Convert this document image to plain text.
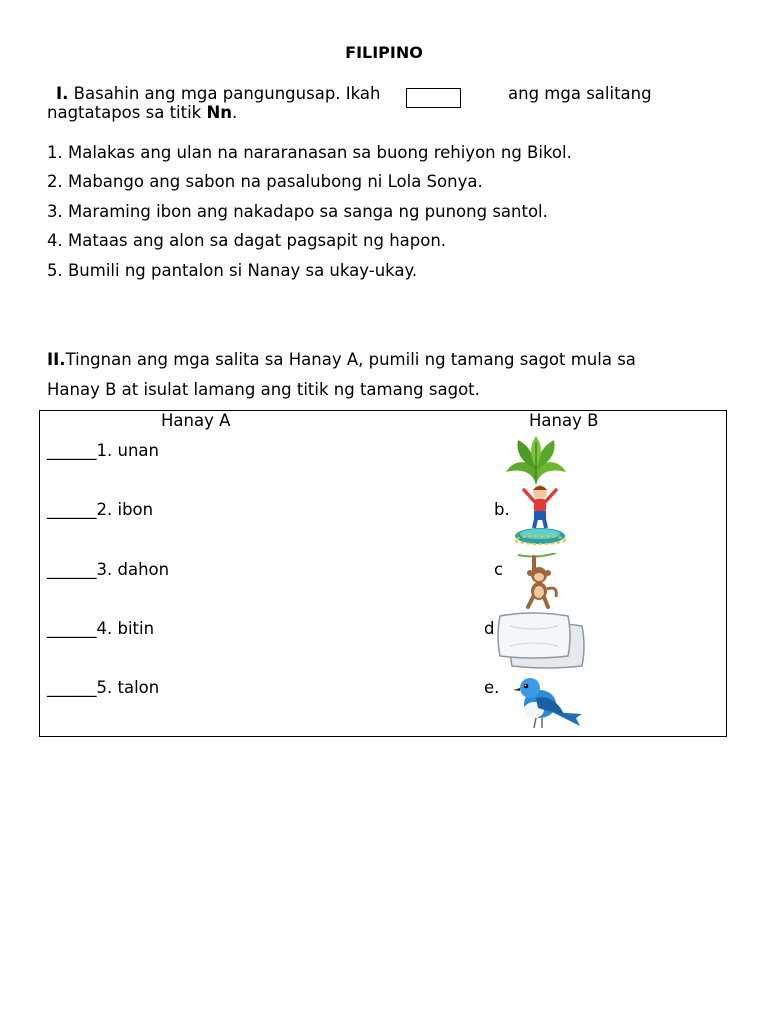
FILIPINO
I. Basahin ang mga pangungusap. Ikah	ang mga salitang
nagtatapos sa titik Nn.
1. Malakas ang ulan na nararanasan sa buong rehiyon ng Bikol.
2. Mabango ang sabon na pasalubong ni Lola Sonya.
3. Maraming ibon ang nakadapo sa sanga ng punong santol.
4. Mataas ang alon sa dagat pagsapit ng hapon.
5. Bumili ng pantalon si Nanay sa ukay-ukay.
II.Tingnan ang mga salita sa Hanay A, pumili ng tamang sagot mula sa
Hanay B at isulat lamang ang titik ng tamang sagot.
Hanay A	Hanay B
______1. unan
______2. ibon
______3. dahon
______4. bitin
______5. talon
b.
c
d
e.
